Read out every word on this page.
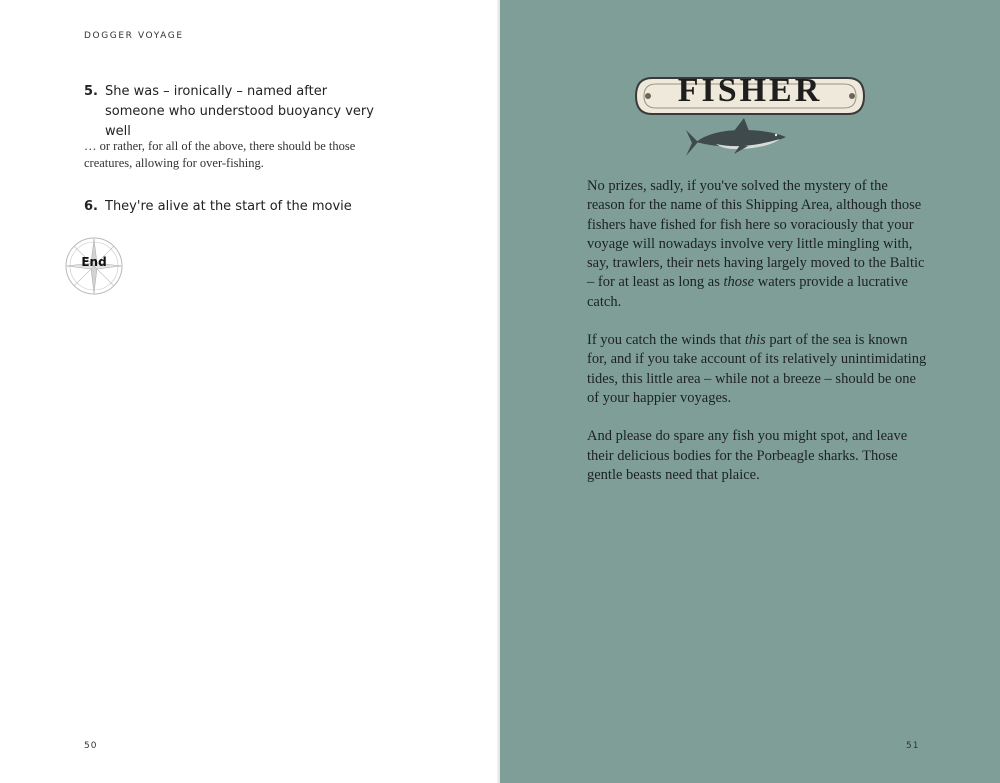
DOGGER VOYAGE
5. She was – ironically – named after someone who understood buoyancy very well
… or rather, for all of the above, there should be those creatures, allowing for over-fishing.
6. They're alive at the start of the movie
End
50	51
FISHER

No prizes, sadly, if you've solved the mystery of the reason for the name of this Shipping Area, although those fishers have fished for fish here so voraciously that your voyage will nowadays involve very little mingling with, say, trawlers, their nets having largely moved to the Baltic – for at least as long as those waters provide a lucrative catch.

If you catch the winds that this part of the sea is known for, and if you take account of its relatively unintimidating tides, this little area – while not a breeze – should be one of your happier voyages.

And please do spare any fish you might spot, and leave their delicious bodies for the Porbeagle sharks. Those gentle beasts need that plaice.
